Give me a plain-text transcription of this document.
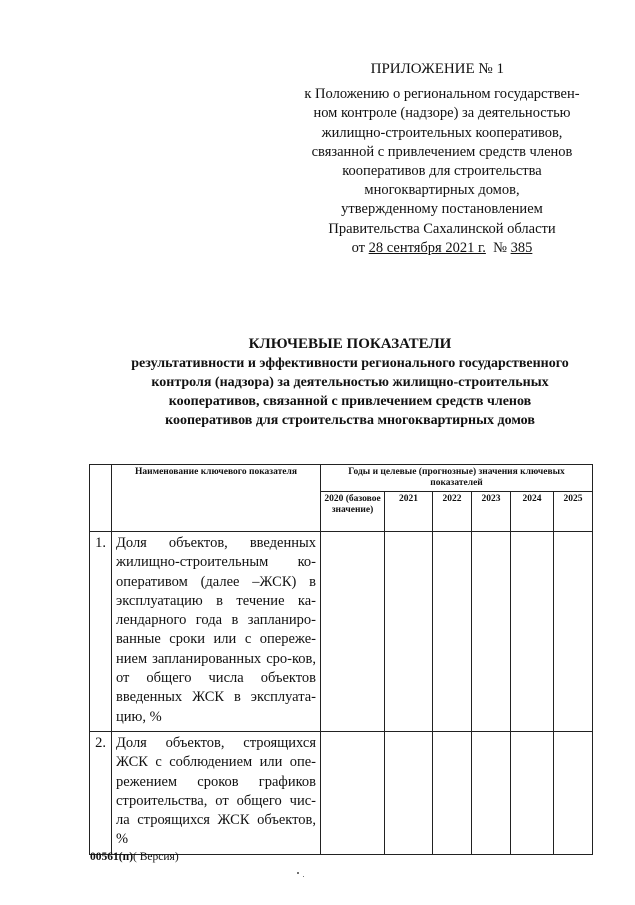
ПРИЛОЖЕНИЕ № 1
к Положению о региональном государствен-
ном контроле (надзоре) за деятельностью
жилищно-строительных кооперативов,
связанной с привлечением средств членов
кооперативов для строительства
многоквартирных домов,
утвержденному постановлением
Правительства Сахалинской области
от 28 сентября 2021 г. № 385
КЛЮЧЕВЫЕ ПОКАЗАТЕЛИ
результативности и эффективности регионального государственного
контроля (надзора) за деятельностью жилищно-строительных
кооперативов, связанной с привлечением средств членов
кооперативов для строительства многоквартирных домов
	Наименование ключевого показателя	Годы и целевые (прогнозные) значения ключевых показателей					
		2020 (базовое значение)	2021	2022	2023	2024	2025
1.	Доля объектов, введенных жилищно-строительным ко-оперативом (далее –ЖСК) в эксплуатацию в течение ка-лендарного года в запланиро-ванные сроки или с опереже-нием запланированных сро-ков, от общего числа объектов введенных ЖСК в эксплуата-цию, %						
2.	Доля объектов, строящихся ЖСК с соблюдением или опе-режением сроков графиков строительства, от общего чис-ла строящихся ЖСК объектов, %						
00561(п)( Версия)
